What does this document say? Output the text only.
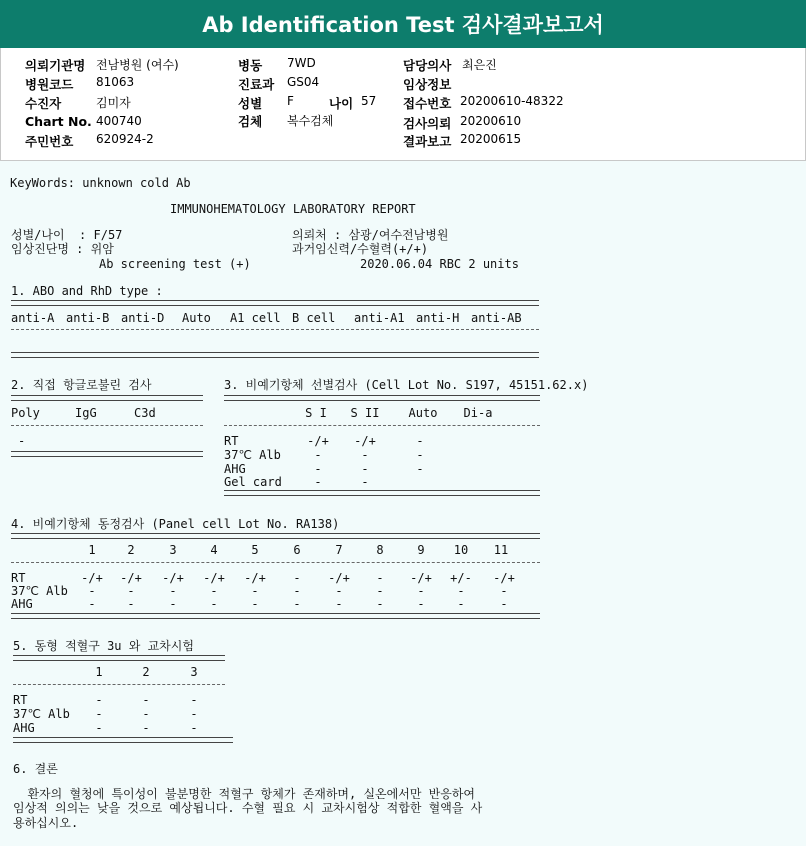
Ab Identification Test 검사결과보고서
의뢰기관명 전남병원 (여수)
병원코드 81063
수진자	김미자
Chart No. 400740
주민번호 620924-2
병동 7WD
진료과 GS04
성별 F	나이 57
검체 복수검체
담당의사 최은진
임상정보
접수번호 20200610-48322
검사의뢰 20200610
결과보고 20200615
KeyWords: unknown cold Ab
IMMUNOHEMATOLOGY LABORATORY REPORT
성별/나이  : F/57
임상진단명 : 위암
Ab screening test (+)
의뢰처 : 삼광/여수전남병원
과거임신력/수혈력(+/+)
2020.06.04 RBC 2 units
1. ABO and RhD type :
anti-A anti-B anti-D Auto A1 cell B cell anti-A1 anti-H anti-AB
2. 직접 항글로불린 검사
Poly	IgG	C3d
-
3. 비예기항체 선별검사 (Cell Lot No. S197, 45151.62.x)
S I	S II	Auto	Di-a
RT	-/+	-/+	-
37℃ Alb	-	-	-
AHG	-	-	-
Gel card	-	-
4. 비예기항체 동정검사 (Panel cell Lot No. RA138)
1	2	3	4	5	6	7	8	9	10	11
RT	-/+	-/+	-/+	-/+	-/+	-	-/+	-	-/+	+/-	-/+
37℃ Alb	-	-	-	-	-	-	-	-	-	-	-
AHG	-	-	-	-	-	-	-	-	-	-	-
5. 동형 적혈구 3u 와 교차시험
1	2	3
RT	-	-	-
37℃ Alb	-	-	-
AHG	-	-	-
6. 결론
환자의 혈청에 특이성이 불분명한 적혈구 항체가 존재하며, 실온에서만 반응하여
임상적 의의는 낮을 것으로 예상됩니다. 수혈 필요 시 교차시험상 적합한 혈액을 사
용하십시오.
